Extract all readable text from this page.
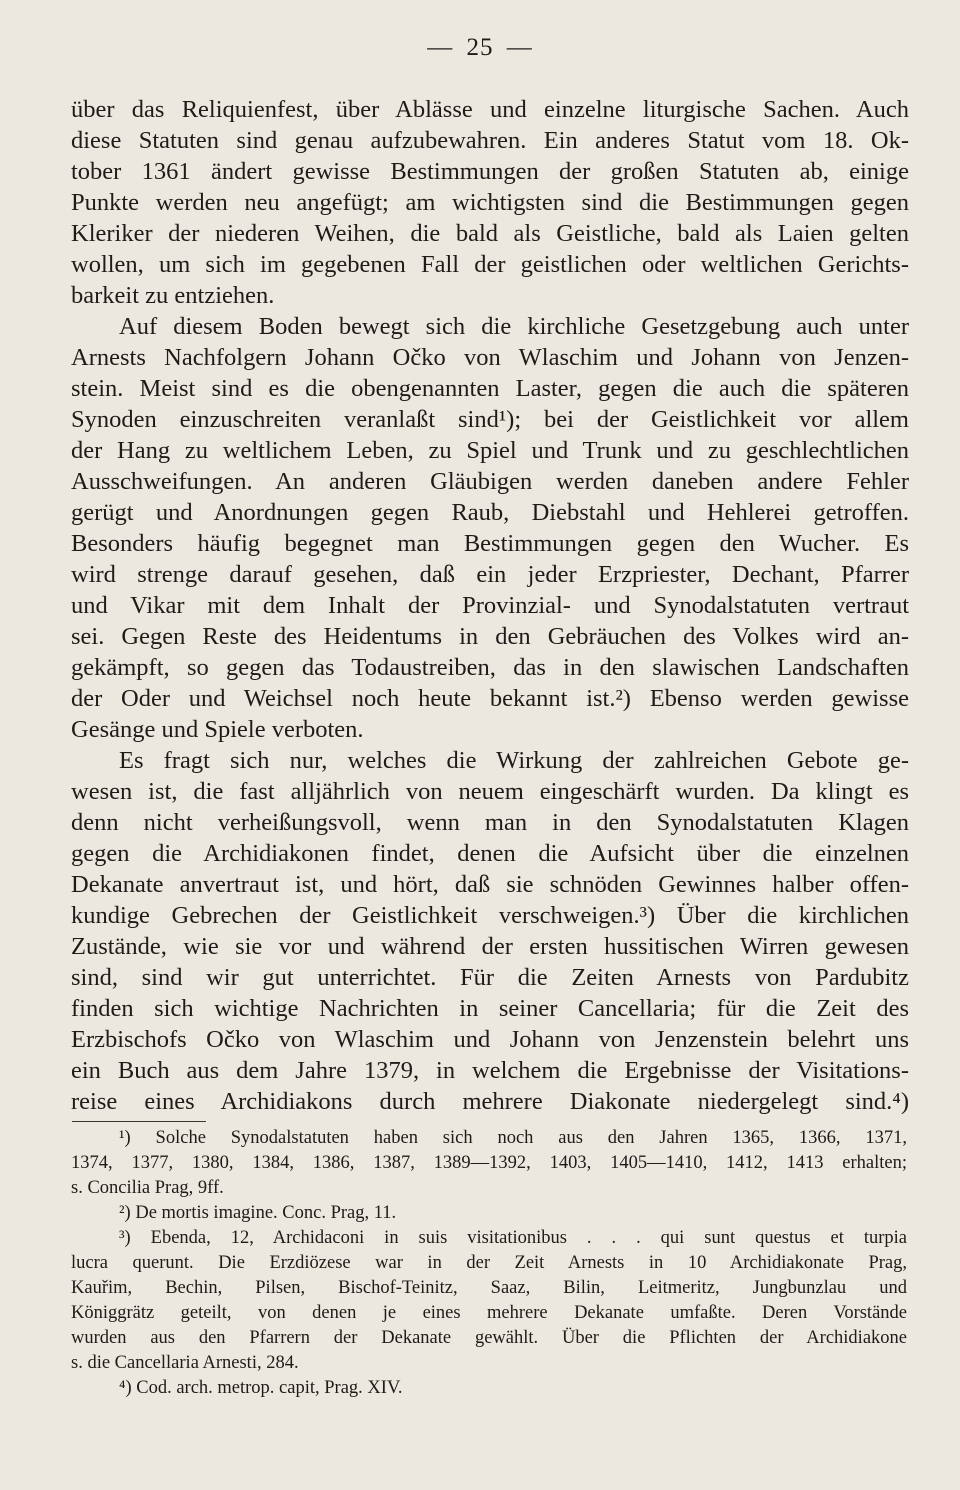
— 25 —
über das Reliquienfest, über Ablässe und einzelne liturgische Sachen. Auch
diese Statuten sind genau aufzubewahren. Ein anderes Statut vom 18. Ok-
tober 1361 ändert gewisse Bestimmungen der großen Statuten ab, einige
Punkte werden neu angefügt; am wichtigsten sind die Bestimmungen gegen
Kleriker der niederen Weihen, die bald als Geistliche, bald als Laien gelten
wollen, um sich im gegebenen Fall der geistlichen oder weltlichen Gerichts-
barkeit zu entziehen.
Auf diesem Boden bewegt sich die kirchliche Gesetzgebung auch unter
Arnests Nachfolgern Johann Očko von Wlaschim und Johann von Jenzen-
stein. Meist sind es die obengenannten Laster, gegen die auch die späteren
Synoden einzuschreiten veranlaßt sind¹); bei der Geistlichkeit vor allem
der Hang zu weltlichem Leben, zu Spiel und Trunk und zu geschlechtlichen
Ausschweifungen. An anderen Gläubigen werden daneben andere Fehler
gerügt und Anordnungen gegen Raub, Diebstahl und Hehlerei getroffen.
Besonders häufig begegnet man Bestimmungen gegen den Wucher. Es
wird strenge darauf gesehen, daß ein jeder Erzpriester, Dechant, Pfarrer
und Vikar mit dem Inhalt der Provinzial- und Synodalstatuten vertraut
sei. Gegen Reste des Heidentums in den Gebräuchen des Volkes wird an-
gekämpft, so gegen das Todaustreiben, das in den slawischen Landschaften
der Oder und Weichsel noch heute bekannt ist.²) Ebenso werden gewisse
Gesänge und Spiele verboten.
Es fragt sich nur, welches die Wirkung der zahlreichen Gebote ge-
wesen ist, die fast alljährlich von neuem eingeschärft wurden. Da klingt es
denn nicht verheißungsvoll, wenn man in den Synodalstatuten Klagen
gegen die Archidiakonen findet, denen die Aufsicht über die einzelnen
Dekanate anvertraut ist, und hört, daß sie schnöden Gewinnes halber offen-
kundige Gebrechen der Geistlichkeit verschweigen.³) Über die kirchlichen
Zustände, wie sie vor und während der ersten hussitischen Wirren gewesen
sind, sind wir gut unterrichtet. Für die Zeiten Arnests von Pardubitz
finden sich wichtige Nachrichten in seiner Cancellaria; für die Zeit des
Erzbischofs Očko von Wlaschim und Johann von Jenzenstein belehrt uns
ein Buch aus dem Jahre 1379, in welchem die Ergebnisse der Visitations-
reise eines Archidiakons durch mehrere Diakonate niedergelegt sind.⁴)
¹) Solche Synodalstatuten haben sich noch aus den Jahren 1365, 1366, 1371,
1374, 1377, 1380, 1384, 1386, 1387, 1389—1392, 1403, 1405—1410, 1412, 1413 erhalten;
s. Concilia Prag, 9ff.
²) De mortis imagine. Conc. Prag, 11.
³) Ebenda, 12, Archidaconi in suis visitationibus . . . qui sunt questus et turpia
lucra querunt. Die Erzdiözese war in der Zeit Arnests in 10 Archidiakonate Prag,
Kauřim, Bechin, Pilsen, Bischof-Teinitz, Saaz, Bilin, Leitmeritz, Jungbunzlau und
Königgrätz geteilt, von denen je eines mehrere Dekanate umfaßte. Deren Vorstände
wurden aus den Pfarrern der Dekanate gewählt. Über die Pflichten der Archidiakone
s. die Cancellaria Arnesti, 284.
⁴) Cod. arch. metrop. capit, Prag. XIV.
